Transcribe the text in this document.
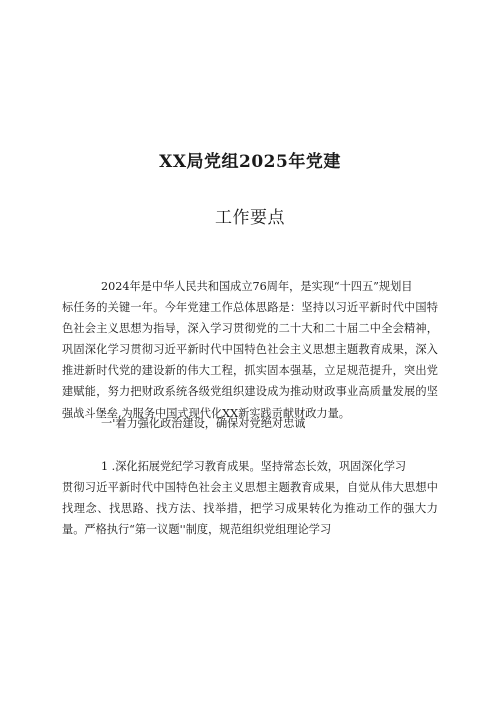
XX局党组2025年党建
工作要点
2024年是中华人民共和国成立76周年，是实现“十四五”规划目
标任务的关键一年。今年党建工作总体思路是：坚持以习近平新时代中国特色社会主义思想为指导，深入学习贯彻党的二十大和二十届二中全会精神，巩固深化学习贯彻习近平新时代中国特色社会主义思想主题教育成果，深入推进新时代党的建设新的伟大工程，抓实固本强基，立足规范提升，突出党建赋能，努力把财政系统各级党组织建设成为推动财政事业高质量发展的坚强战斗堡垒,为服务中国式现代化XX新实践贡献财政力量。
一'着力强化政治建设，确保对党绝对忠诚
1 .深化拓展党纪学习教育成果。坚持常态长效，巩固深化学习
贯彻习近平新时代中国特色社会主义思想主题教育成果，自觉从伟大思想中找理念、找思路、找方法、找举措，把学习成果转化为推动工作的强大力量。严格执行“第一议题''制度，规范组织党组理论学习
